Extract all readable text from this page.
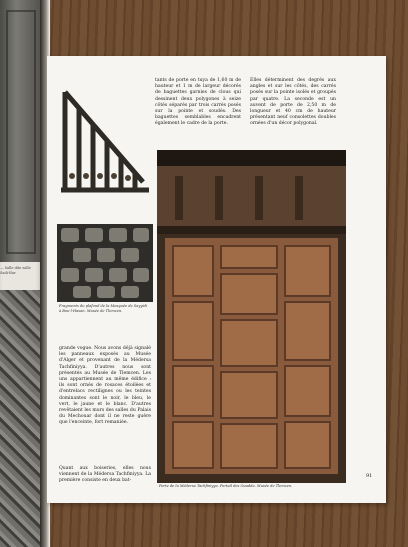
— Salle dite salle Sadi-Ifar.
Fragments du plafond de la Mosquée de Sayyidi à Bou-l-Hasan. Musée de Tlemcen.

tants de porte en tuya de 1,60 m de hauteur et 1 m de largeur décorés de baguettes garnies de clous qui dessinent deux polygones à seize côtés séparés par trois carrés posés sur la pointe et soudés. Des baguettes semblables encadrent également le cadre de la porte.

Elles déterminent des degrés aux angles et sur les côtés, des carrés posés sur la pointe isolés et groupés par quatre. La seconde est un auvent de porte de 2,50 m de longueur et 40 cm de hauteur présentant neuf consolettes doubles ornées d'un décor polygonal.

Porte de la Médersa Tachfiniyya. Portail des Ouadda. Musée de Tlemcen.

grande vogue. Nous avons déjà signalé les panneaux exposés au Musée d'Alger et provenant de la Médersa Tachfiniyya. D'autres nous sont présentés au Musée de Tlemcen. Les uns appartiennent au même édifice : ils sont ornés de rosaces étoilées et d'entrelacs rectilignes ou les teintes dominantes sont le noir, le bleu, le vert, le jaune et le blanc. D'autres revêtaient les murs des salles du Palais du Mechouar dont il ne reste guère que l'enceinte, fort remaniée.

Quant aux boiseries, elles nous viennent de la Médersa Tachfiniyya. La première consiste en deux bat-

91
